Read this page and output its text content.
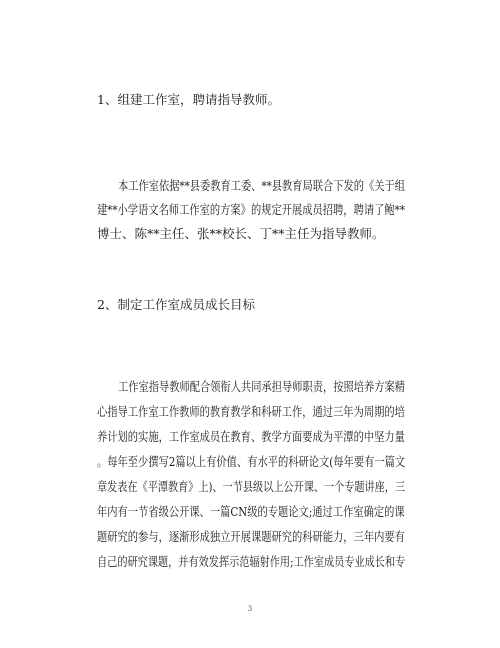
1、组建工作室，聘请指导教师。
本工作室依据**县委教育工委、**县教育局联合下发的《关于组
建**小学语文名师工作室的方案》的规定开展成员招聘，聘请了鲍**
博士、陈**主任、张**校长、丁**主任为指导教师。
2、制定工作室成员成长目标
工作室指导教师配合领衔人共同承担导师职责，按照培养方案精
心指导工作室工作教师的教育教学和科研工作，通过三年为周期的培
养计划的实施，工作室成员在教育、教学方面要成为平潭的中坚力量
。每年至少撰写2篇以上有价值、有水平的科研论文(每年要有一篇文
章发表在《平潭教育》上)、一节县级以上公开课、一个专题讲座，三
年内有一节省级公开课、一篇CN级的专题论文;通过工作室确定的课
题研究的参与，逐渐形成独立开展课题研究的科研能力，三年内要有
自己的研究课题，并有效发挥示范辐射作用;工作室成员专业成长和专
3
